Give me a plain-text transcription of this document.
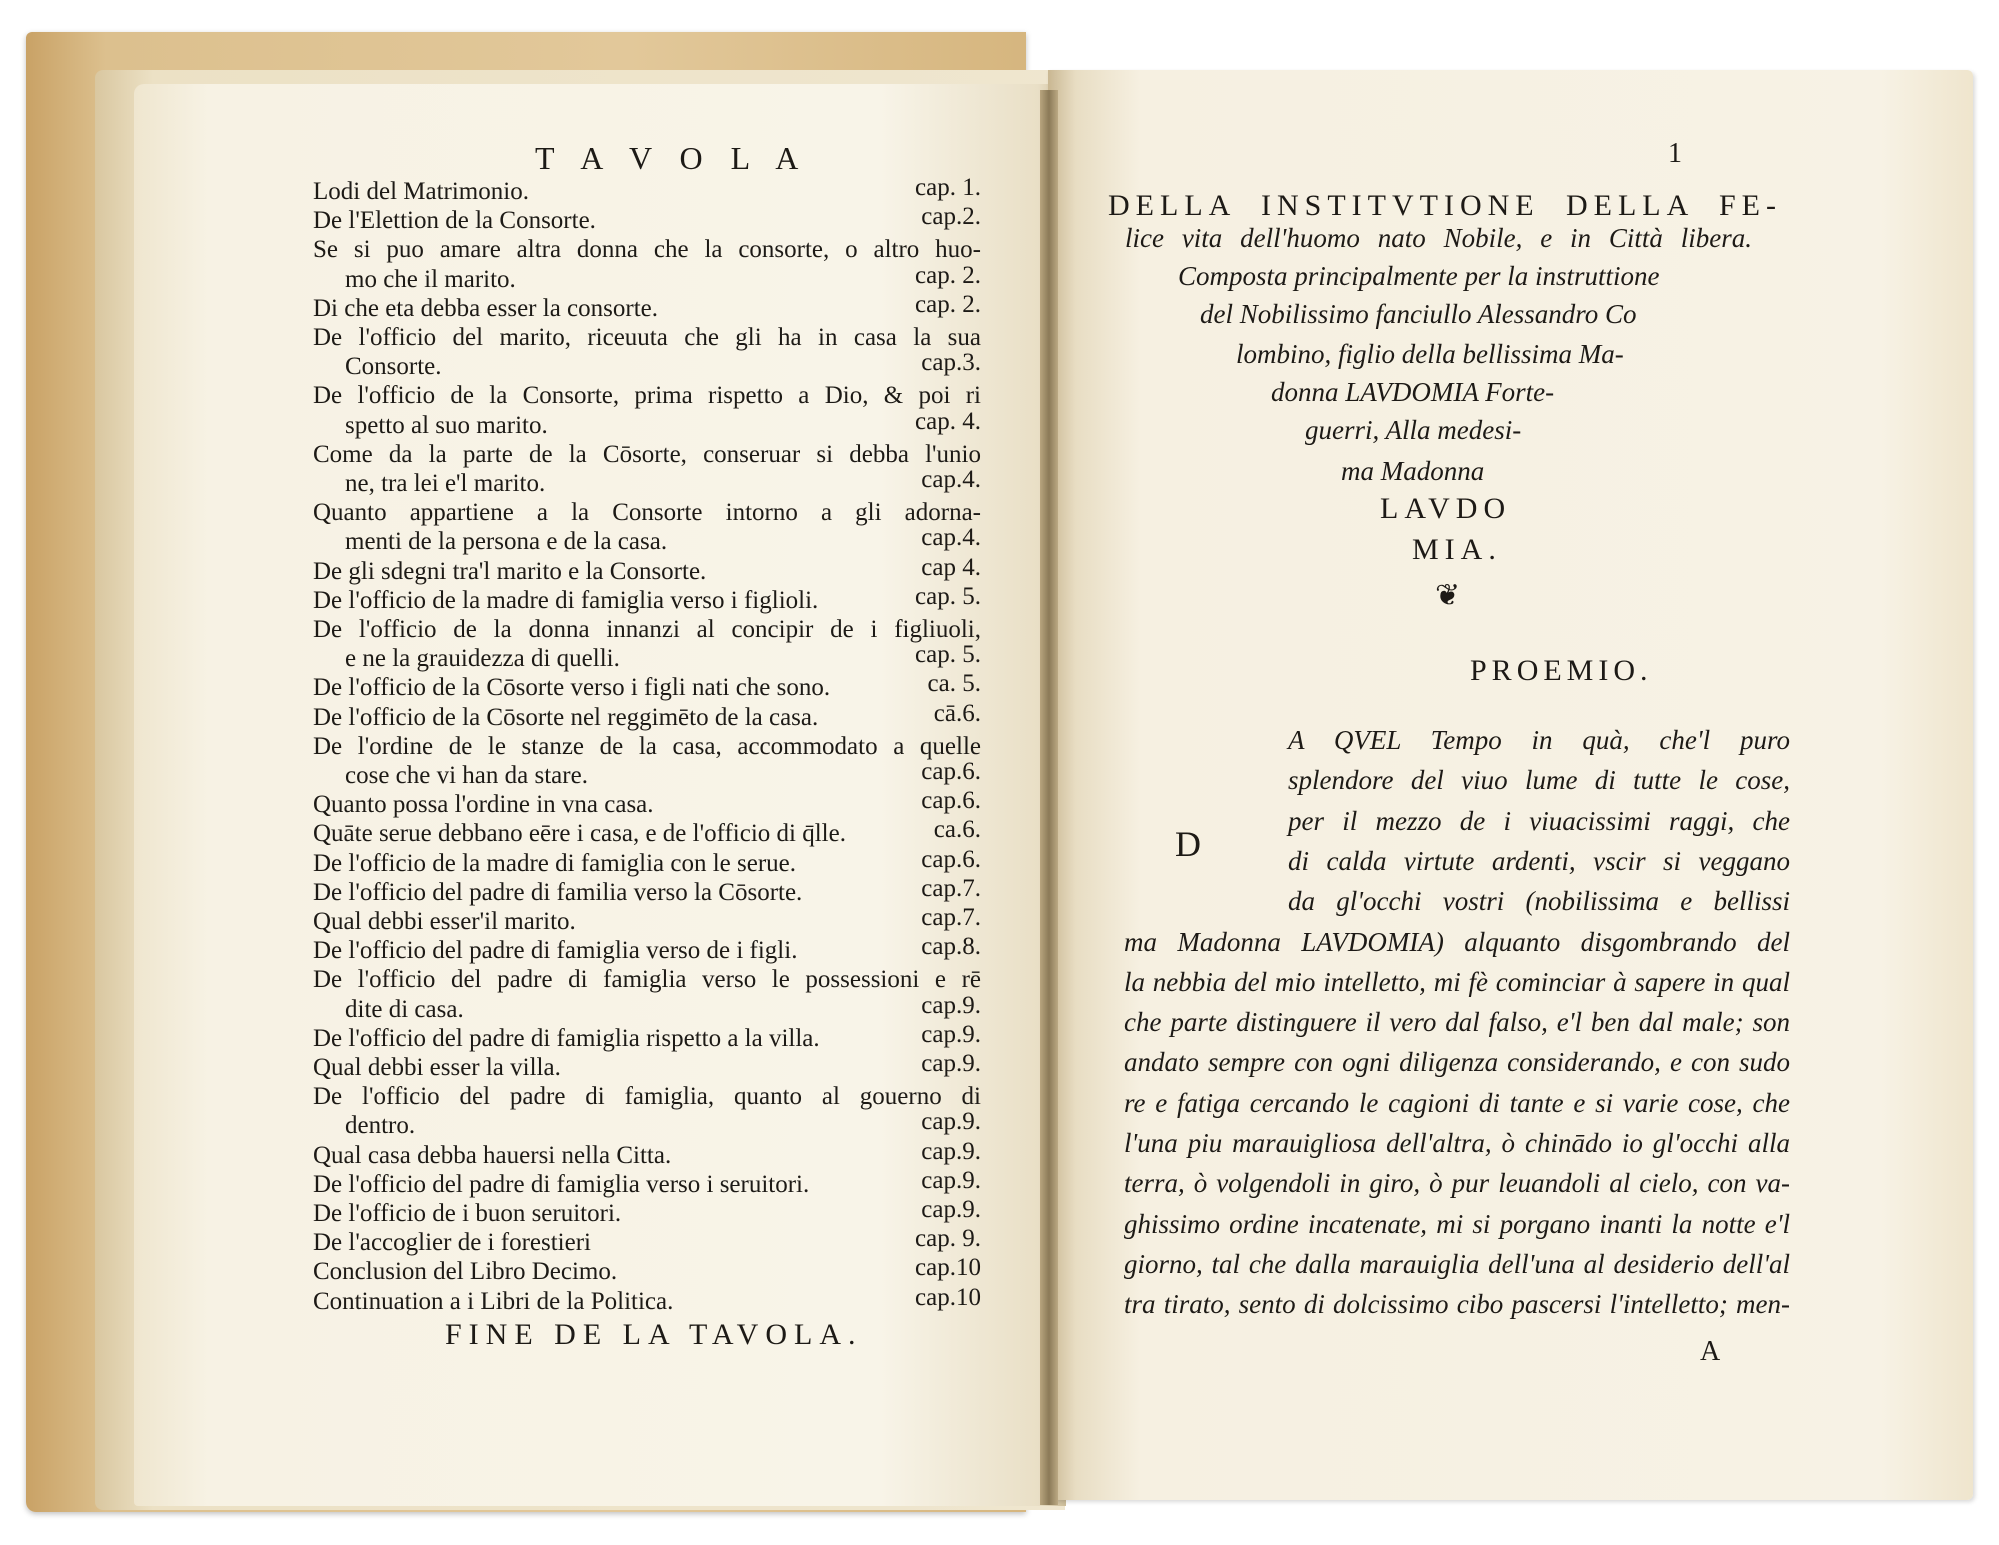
T A V O L A
Lodi del Matrimonio.	cap. 1.
De l'Elettion de la Consorte.	cap.2.
Se si puo amare altra donna che la consorte, o altro huo-
mo che il marito.	cap. 2.
Di che eta debba esser la consorte.	cap. 2.
De l'officio del marito, riceuuta che gli ha in casa la sua
Consorte.	cap.3.
De l'officio de la Consorte, prima rispetto a Dio, & poi ri
spetto al suo marito.	cap. 4.
Come da la parte de la Cōsorte, conseruar si debba l'unio
ne, tra lei e'l marito.	cap.4.
Quanto appartiene a la Consorte intorno a gli adorna-
menti de la persona e de la casa.	cap.4.
De gli sdegni tra'l marito e la Consorte.	cap 4.
De l'officio de la madre di famiglia verso i figlioli.	cap. 5.
De l'officio de la donna innanzi al concipir de i figliuoli,
e ne la grauidezza di quelli.	cap. 5.
De l'officio de la Cōsorte verso i figli nati che sono.	ca. 5.
De l'officio de la Cōsorte nel reggimēto de la casa.	cā.6.
De l'ordine de le stanze de la casa, accommodato a quelle
cose che vi han da stare.	cap.6.
Quanto possa l'ordine in vna casa.	cap.6.
Quāte serue debbano eēre i casa, e de l'officio di q̄lle.	ca.6.
De l'officio de la madre di famiglia con le serue.	cap.6.
De l'officio del padre di familia verso la Cōsorte.	cap.7.
Qual debbi esser'il marito.	cap.7.
De l'officio del padre di famiglia verso de i figli.	cap.8.
De l'officio del padre di famiglia verso le possessioni e rē
dite di casa.	cap.9.
De l'officio del padre di famiglia rispetto a la villa.	cap.9.
Qual debbi esser la villa.	cap.9.
De l'officio del padre di famiglia, quanto al gouerno di
dentro.	cap.9.
Qual casa debba hauersi nella Citta.	cap.9.
De l'officio del padre di famiglia verso i seruitori.	cap.9.
De l'officio de i buon seruitori.	cap.9.
De l'accoglier de i forestieri	cap. 9.
Conclusion del Libro Decimo.	cap.10
Continuation a i Libri de la Politica.	cap.10
FINE DE LA TAVOLA.
1
DELLA INSTITVTIONE DELLA FE-
lice vita dell'huomo nato Nobile, e in Città libera.
Composta principalmente per la instruttione
del Nobilissimo fanciullo Alessandro Co
lombino, figlio della bellissima Ma-
donna LAVDOMIA Forte-
guerri, Alla medesi-
ma Madonna
LAVDO
MIA.
❦
PROEMIO.
D
A QVEL Tempo in quà, che'l puro
splendore del viuo lume di tutte le cose,
per il mezzo de i viuacissimi raggi, che
di calda virtute ardenti, vscir si veggano
da gl'occhi vostri (nobilissima e bellissi
ma Madonna LAVDOMIA) alquanto disgombrando del
la nebbia del mio intelletto, mi fè cominciar à sapere in qual
che parte distinguere il vero dal falso, e'l ben dal male; son
andato sempre con ogni diligenza considerando, e con sudo
re e fatiga cercando le cagioni di tante e si varie cose, che
l'una piu marauigliosa dell'altra, ò chinādo io gl'occhi alla
terra, ò volgendoli in giro, ò pur leuandoli al cielo, con va-
ghissimo ordine incatenate, mi si porgano inanti la notte e'l
giorno, tal che dalla marauiglia dell'una al desiderio dell'al
tra tirato, sento di dolcissimo cibo pascersi l'intelletto; men-
A
